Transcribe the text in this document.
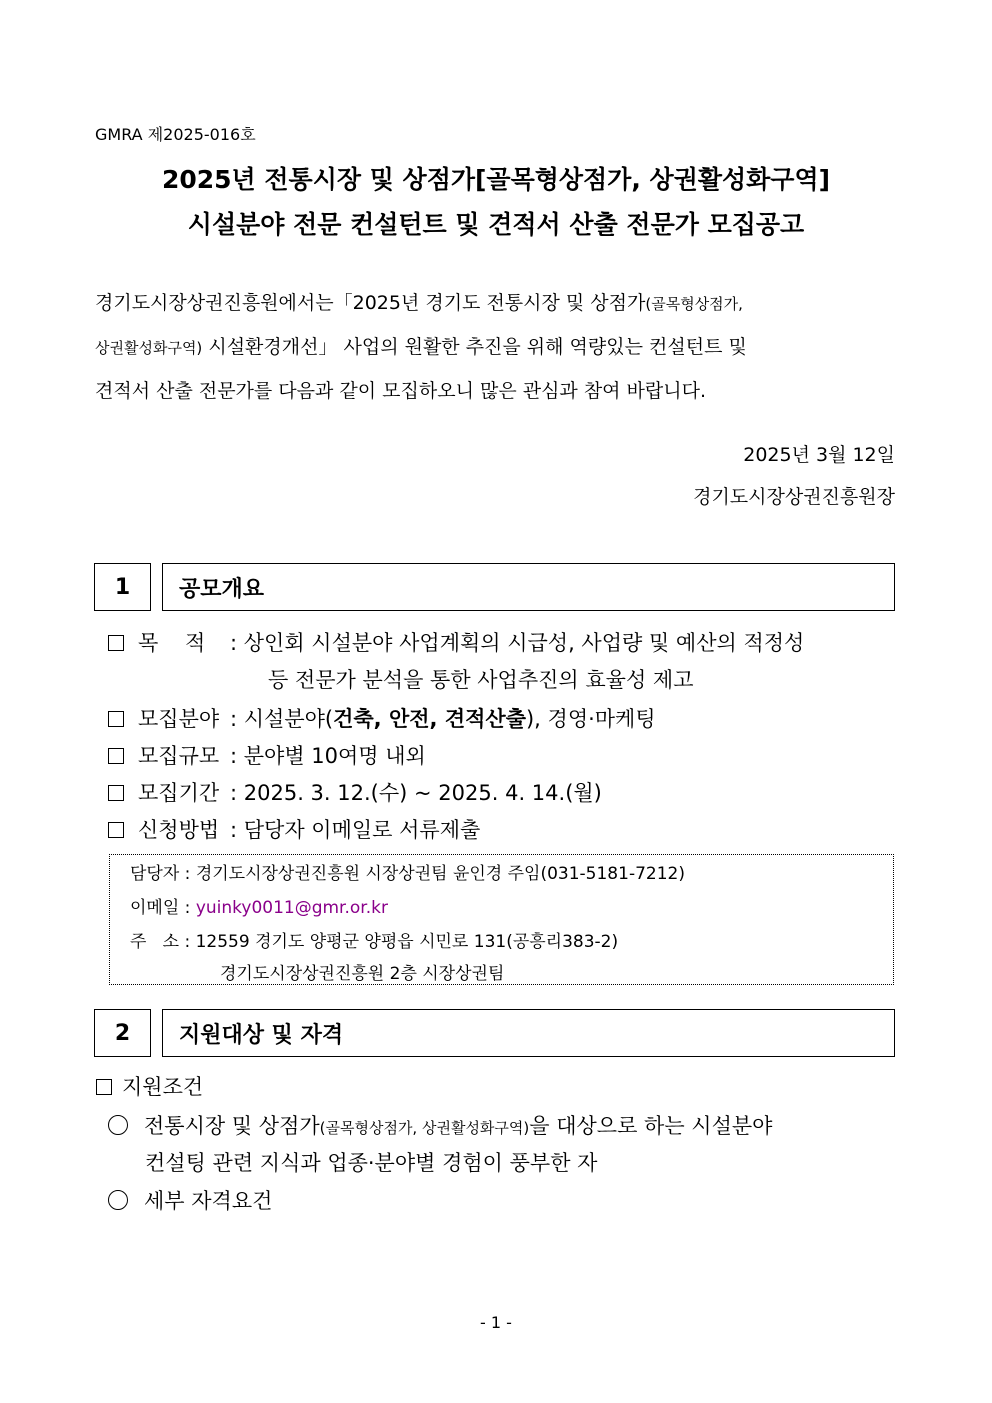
GMRA 제2025-016호
2025년 전통시장 및 상점가[골목형상점가, 상권활성화구역]
시설분야 전문 컨설턴트 및 견적서 산출 전문가 모집공고
경기도시장상권진흥원에서는「2025년 경기도 전통시장 및 상점가(골목형상점가,
상권활성화구역) 시설환경개선」 사업의 원활한 추진을 위해 역량있는 컨설턴트 및
견적서 산출 전문가를 다음과 같이 모집하오니 많은 관심과 참여 바랍니다.
2025년 3월 12일
경기도시장상권진흥원장
1	공모개요
목    적 : 상인회 시설분야 사업계획의 시급성, 사업량 및 예산의 적정성
등 전문가 분석을 통한 사업추진의 효율성 제고
모집분야 : 시설분야(건축, 안전, 견적산출), 경영·마케팅
모집규모 : 분야별 10여명 내외
모집기간 : 2025. 3. 12.(수) ~ 2025. 4. 14.(월)
신청방법 : 담당자 이메일로 서류제출
담당자 : 경기도시장상권진흥원 시장상권팀 윤인경 주임(031-5181-7212)
이메일 : yuinky0011@gmr.or.kr
주   소 : 12559 경기도 양평군 양평읍 시민로 131(공흥리383-2)
경기도시장상권진흥원 2층 시장상권팀
2	지원대상 및 자격
지원조건
전통시장 및 상점가(골목형상점가, 상권활성화구역)을 대상으로 하는 시설분야
컨설팅 관련 지식과 업종·분야별 경험이 풍부한 자
세부 자격요건
- 1 -
